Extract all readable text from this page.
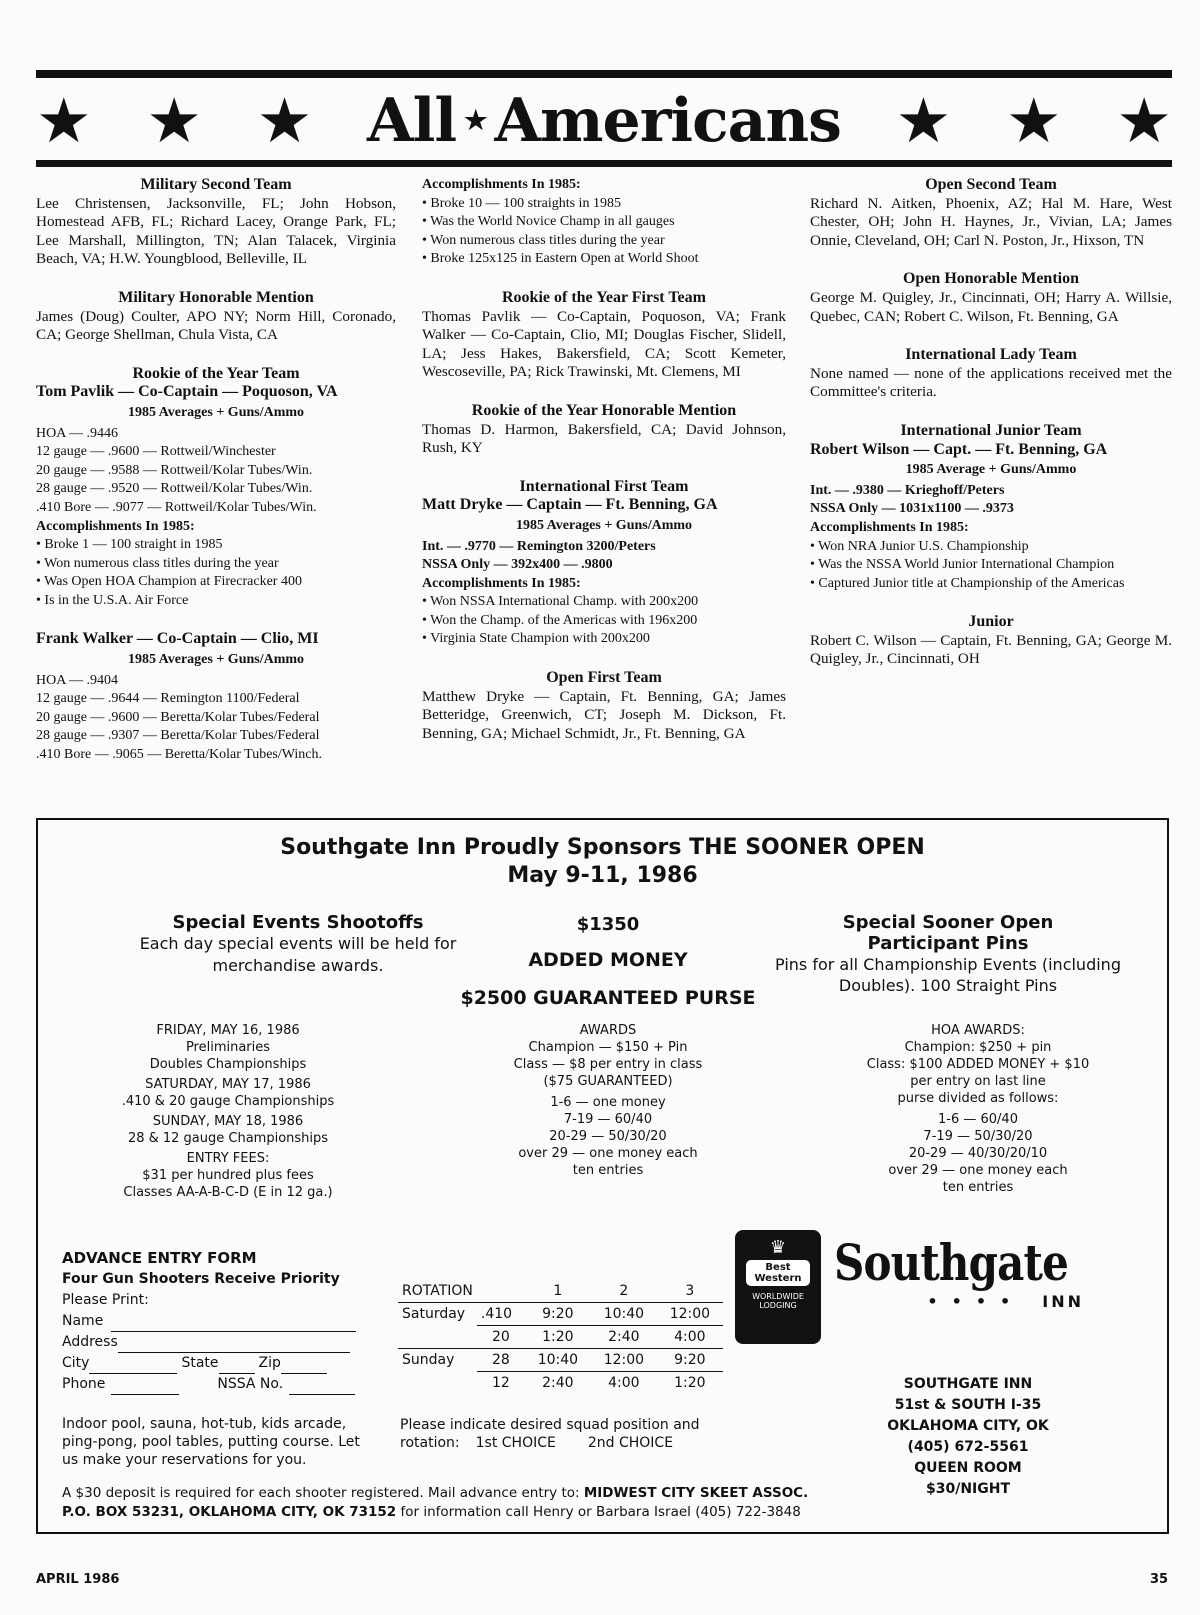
★ ★ ★ All ★ Americans ★ ★ ★

Military Second Team

Lee Christensen, Jacksonville, FL; John Hobson, Homestead AFB, FL; Richard Lacey, Orange Park, FL; Lee Marshall, Millington, TN; Alan Talacek, Virginia Beach, VA; H.W. Youngblood, Belleville, IL

Military Honorable Mention

James (Doug) Coulter, APO NY; Norm Hill, Coronado, CA; George Shellman, Chula Vista, CA

Rookie of the Year Team

Tom Pavlik — Co-Captain — Poquoson, VA

1985 Averages + Guns/Ammo

HOA — .9446

12 gauge — .9600 — Rottweil/Winchester

20 gauge — .9588 — Rottweil/Kolar Tubes/Win.

28 gauge — .9520 — Rottweil/Kolar Tubes/Win.

.410 Bore — .9077 — Rottweil/Kolar Tubes/Win.

Accomplishments In 1985:

• Broke 1 — 100 straight in 1985

• Won numerous class titles during the year

• Was Open HOA Champion at Firecracker 400

• Is in the U.S.A. Air Force

Frank Walker — Co-Captain — Clio, MI

1985 Averages + Guns/Ammo

HOA — .9404

12 gauge — .9644 — Remington 1100/Federal

20 gauge — .9600 — Beretta/Kolar Tubes/Federal

28 gauge — .9307 — Beretta/Kolar Tubes/Federal

.410 Bore — .9065 — Beretta/Kolar Tubes/Winch.

Accomplishments In 1985:

• Broke 10 — 100 straights in 1985

• Was the World Novice Champ in all gauges

• Won numerous class titles during the year

• Broke 125x125 in Eastern Open at World Shoot

Rookie of the Year First Team

Thomas Pavlik — Co-Captain, Poquoson, VA; Frank Walker — Co-Captain, Clio, MI; Douglas Fischer, Slidell, LA; Jess Hakes, Bakersfield, CA; Scott Kemeter, Wescoseville, PA; Rick Trawinski, Mt. Clemens, MI

Rookie of the Year Honorable Mention

Thomas D. Harmon, Bakersfield, CA; David Johnson, Rush, KY

International First Team

Matt Dryke — Captain — Ft. Benning, GA

1985 Averages + Guns/Ammo

Int. — .9770 — Remington 3200/Peters

NSSA Only — 392x400 — .9800

Accomplishments In 1985:

• Won NSSA International Champ. with 200x200

• Won the Champ. of the Americas with 196x200

• Virginia State Champion with 200x200

Open First Team

Matthew Dryke — Captain, Ft. Benning, GA; James Betteridge, Greenwich, CT; Joseph M. Dickson, Ft. Benning, GA; Michael Schmidt, Jr., Ft. Benning, GA

Open Second Team

Richard N. Aitken, Phoenix, AZ; Hal M. Hare, West Chester, OH; John H. Haynes, Jr., Vivian, LA; James Onnie, Cleveland, OH; Carl N. Poston, Jr., Hixson, TN

Open Honorable Mention

George M. Quigley, Jr., Cincinnati, OH; Harry A. Willsie, Quebec, CAN; Robert C. Wilson, Ft. Benning, GA

International Lady Team

None named — none of the applications received met the Committee's criteria.

International Junior Team

Robert Wilson — Capt. — Ft. Benning, GA

1985 Average + Guns/Ammo

Int. — .9380 — Krieghoff/Peters

NSSA Only — 1031x1100 — .9373

Accomplishments In 1985:

• Won NRA Junior U.S. Championship

• Was the NSSA World Junior International Champion

• Captured Junior title at Championship of the Americas

Junior

Robert C. Wilson — Captain, Ft. Benning, GA; George M. Quigley, Jr., Cincinnati, OH

Southgate Inn Proudly Sponsors THE SOONER OPEN
May 9-11, 1986
Special Events Shootoffs
Each day special events will be held for merchandise awards.
$1350
ADDED MONEY
$2500 GUARANTEED PURSE
Special Sooner Open
Participant Pins
Pins for all Championship Events (including Doubles). 100 Straight Pins
FRIDAY, MAY 16, 1986
Preliminaries
Doubles Championships
SATURDAY, MAY 17, 1986
.410 & 20 gauge Championships
SUNDAY, MAY 18, 1986
28 & 12 gauge Championships
ENTRY FEES:
$31 per hundred plus fees
Classes AA-A-B-C-D (E in 12 ga.)
AWARDS
Champion — $150 + Pin
Class — $8 per entry in class
($75 GUARANTEED)
1-6 — one money
7-19 — 60/40
20-29 — 50/30/20
over 29 — one money each
ten entries
HOA AWARDS:
Champion: $250 + pin
Class: $100 ADDED MONEY + $10
per entry on last line
purse divided as follows:
1-6 — 60/40
7-19 — 50/30/20
20-29 — 40/30/20/10
over 29 — one money each
ten entries
ADVANCE ENTRY FORM
Four Gun Shooters Receive Priority
Please Print:
Name
Address
City	State	Zip
Phone	NSSA No.
Indoor pool, sauna, hot-tub, kids arcade, ping-pong, pool tables, putting course. Let us make your reservations for you.
ROTATION		1	2	3
Saturday	.410	9:20	10:40	12:00
	20	1:20	2:40	4:00
Sunday	28	10:40	12:00	9:20
	12	2:40	4:00	1:20
Please indicate desired squad position and
rotation: 1st CHOICE 2nd CHOICE
♛
Best
Western
WORLDWIDE
LODGING
Southgate
•••• INN
SOUTHGATE INN
51st & SOUTH I-35
OKLAHOMA CITY, OK
(405) 672-5561
QUEEN ROOM
$30/NIGHT
A $30 deposit is required for each shooter registered. Mail advance entry to: MIDWEST CITY SKEET ASSOC.
P.O. BOX 53231, OKLAHOMA CITY, OK 73152 for information call Henry or Barbara Israel (405) 722-3848
APRIL 1986	35
